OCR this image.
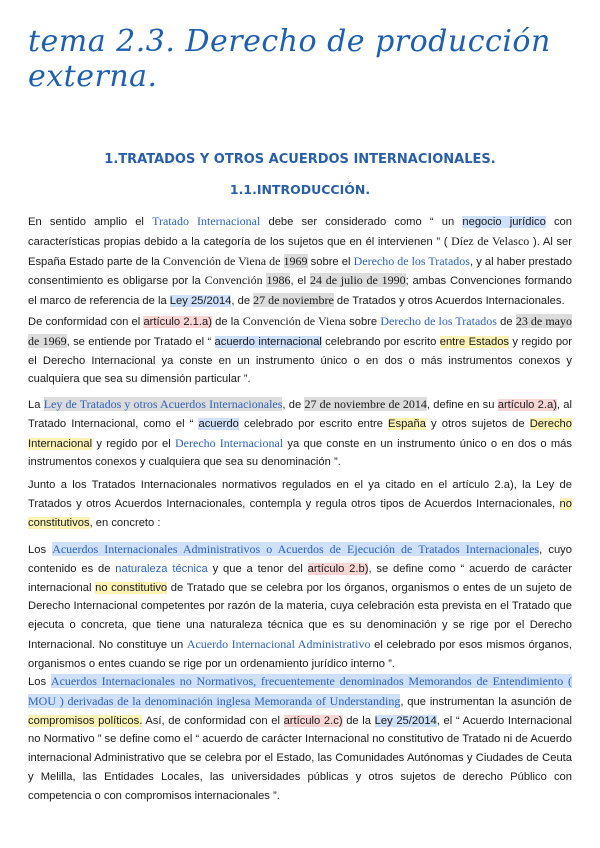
tema 2.3. Derecho de producción externa.
1.TRATADOS Y OTROS ACUERDOS INTERNACIONALES.
1.1.INTRODUCCIÓN.
En sentido amplio el Tratado Internacional debe ser considerado como “ un negocio jurídico con características propias debido a la categoría de los sujetos que en él intervienen ” ( Díez de Velasco ). Al ser España Estado parte de la Convención de Viena de 1969 sobre el Derecho de los Tratados, y al haber prestado consentimiento es obligarse por la Convención 1986, el 24 de julio de 1990; ambas Convenciones formando el marco de referencia de la Ley 25/2014, de 27 de noviembre de Tratados y otros Acuerdos Internacionales.
De conformidad con el artículo 2.1.a) de la Convención de Viena sobre Derecho de los Tratados de 23 de mayo de 1969, se entiende por Tratado el “ acuerdo internacional celebrando por escrito entre Estados y regido por el Derecho Internacional ya conste en un instrumento único o en dos o más instrumentos conexos y cualquiera que sea su dimensión particular ”.
La Ley de Tratados y otros Acuerdos Internacionales, de 27 de noviembre de 2014, define en su artículo 2.a), al Tratado Internacional, como el “ acuerdo celebrado por escrito entre España y otros sujetos de Derecho Internacional y regido por el Derecho Internacional ya que conste en un instrumento único o en dos o más instrumentos conexos y cualquiera que sea su denominación ”.
Junto a los Tratados Internacionales normativos regulados en el ya citado en el artículo 2.a), la Ley de Tratados y otros Acuerdos Internacionales, contempla y regula otros tipos de Acuerdos Internacionales, no constitutivos, en concreto :
Los Acuerdos Internacionales Administrativos o Acuerdos de Ejecución de Tratados Internacionales, cuyo contenido es de naturaleza técnica y que a tenor del artículo 2.b), se define como “ acuerdo de carácter internacional no constitutivo de Tratado que se celebra por los órganos, organismos o entes de un sujeto de Derecho Internacional competentes por razón de la materia, cuya celebración esta prevista en el Tratado que ejecuta o concreta, que tiene una naturaleza técnica que es su denominación y se rige por el Derecho Internacional. No constituye un Acuerdo Internacional Administrativo el celebrado por esos mismos órganos, organismos o entes cuando se rige por un ordenamiento jurídico interno ”.
Los Acuerdos Internacionales no Normativos, frecuentemente denominados Memorandos de Entendimiento ( MOU ) derivadas de la denominación inglesa Memoranda of Understanding, que instrumentan la asunción de compromisos políticos. Así, de conformidad con el artículo 2.c) de la Ley 25/2014, el “ Acuerdo Internacional no Normativo ” se define como el “ acuerdo de carácter Internacional no constitutivo de Tratado ni de Acuerdo internacional Administrativo que se celebra por el Estado, las Comunidades Autónomas y Ciudades de Ceuta y Melilla, las Entidades Locales, las universidades públicas y otros sujetos de derecho Público con competencia o con compromisos internacionales ”.
